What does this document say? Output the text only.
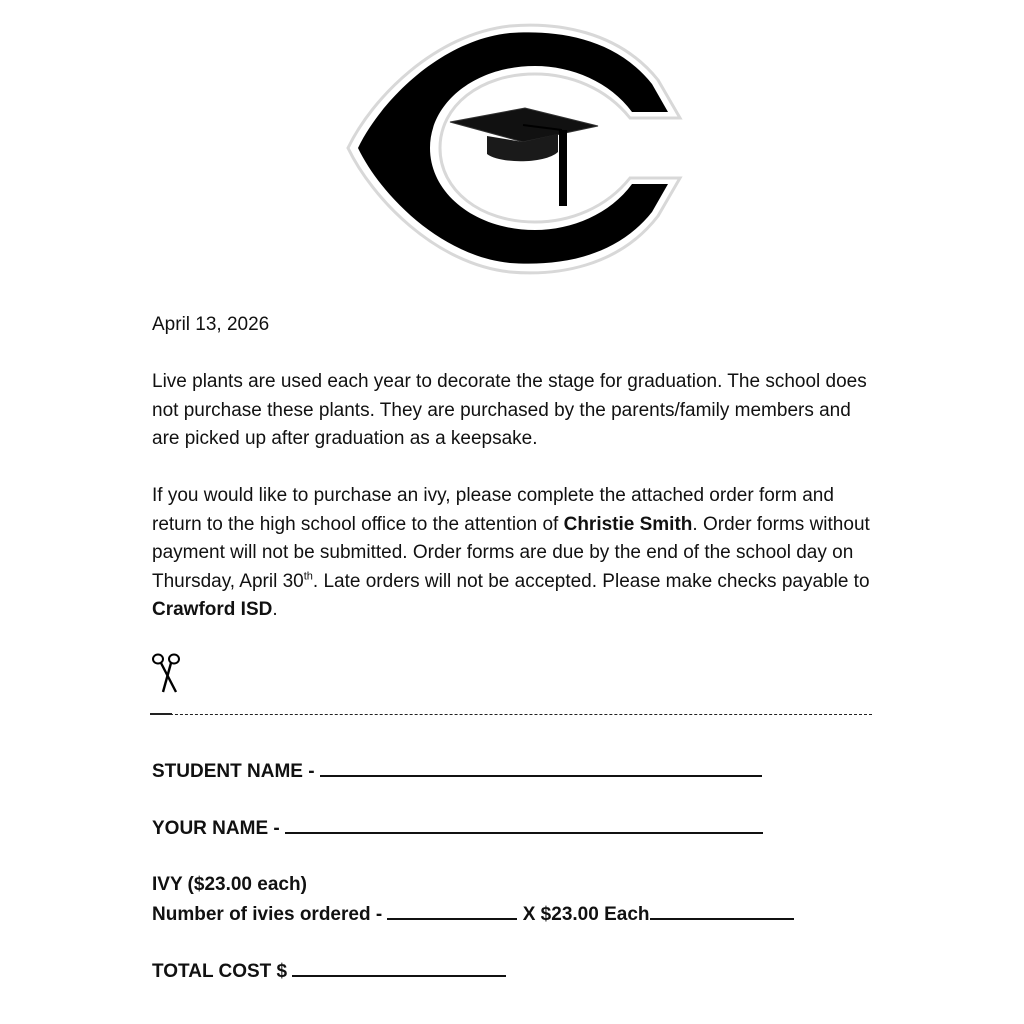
April 13, 2026

Live plants are used each year to decorate the stage for graduation. The school does not purchase these plants. They are purchased by the parents/family members and are picked up after graduation as a keepsake.

If you would like to purchase an ivy, please complete the attached order form and return to the high school office to the attention of Christie Smith. Order forms without payment will not be submitted. Order forms are due by the end of the school day on Thursday, April 30th. Late orders will not be accepted. Please make checks payable to Crawford ISD.

STUDENT NAME -
YOUR NAME -
IVY ($23.00 each)
Number of ivies ordered -	X $23.00 Each
TOTAL COST $
